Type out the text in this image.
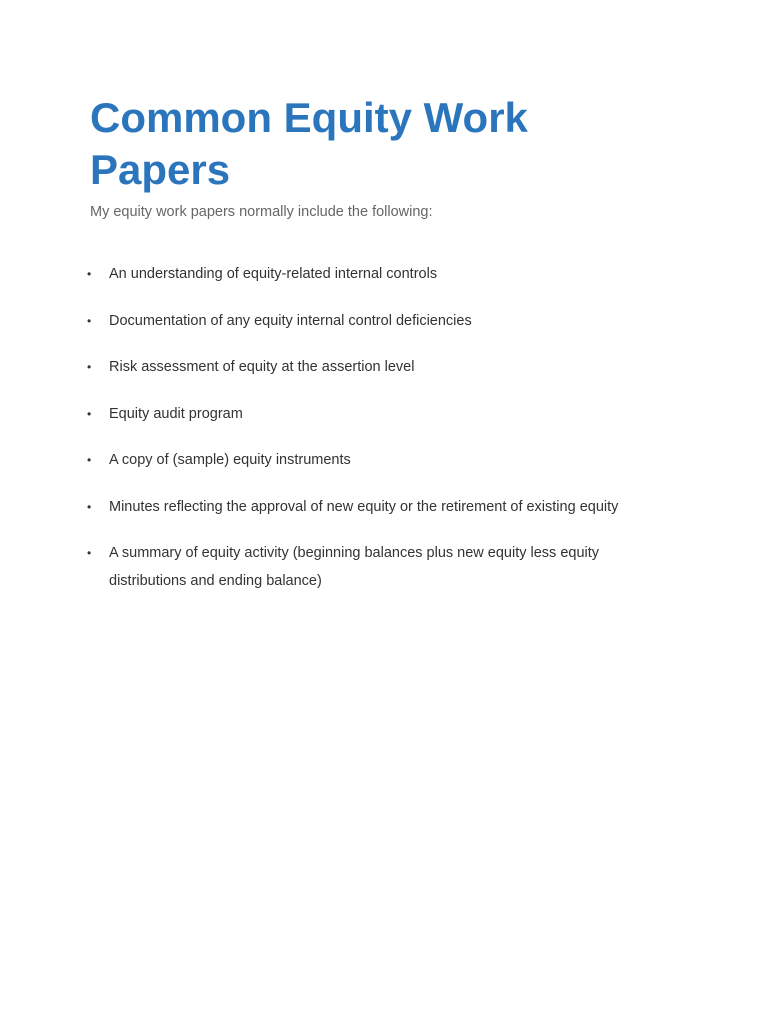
Common Equity Work Papers

My equity work papers normally include the following:

• An understanding of equity-related internal controls
• Documentation of any equity internal control deficiencies
• Risk assessment of equity at the assertion level
• Equity audit program
• A copy of (sample) equity instruments
• Minutes reflecting the approval of new equity or the retirement of existing equity
• A summary of equity activity (beginning balances plus new equity less equity distributions and ending balance)
